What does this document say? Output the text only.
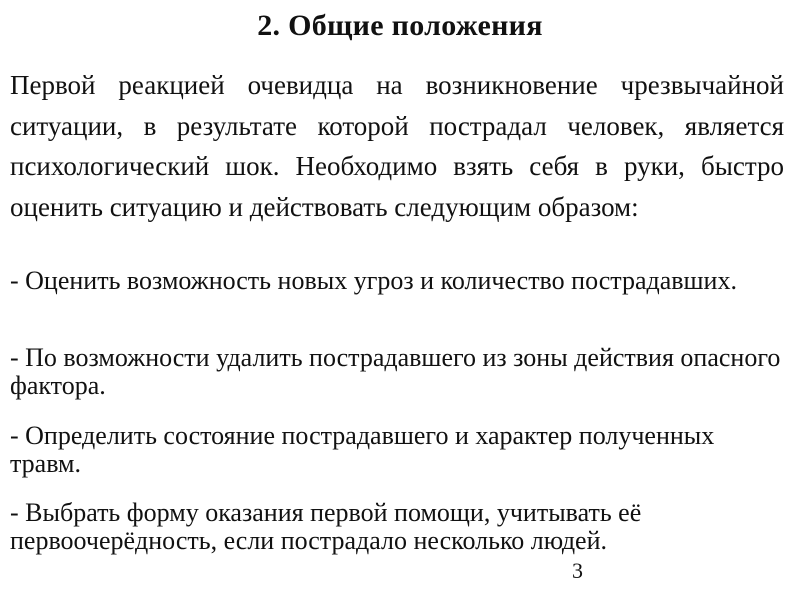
2. Общие положения
Первой реакцией очевидца на возникновение чрезвычайной ситуации, в результате которой пострадал человек, является психологический шок. Необходимо взять себя в руки, быстро оценить ситуацию и действовать следующим образом:
- Оценить возможность новых угроз и количество пострадавших.
- По возможности удалить пострадавшего из зоны действия опасного фактора.
- Определить состояние пострадавшего и характер полученных травм.
- Выбрать форму оказания первой помощи, учитывать её первоочерёдность, если пострадало несколько людей.
3
